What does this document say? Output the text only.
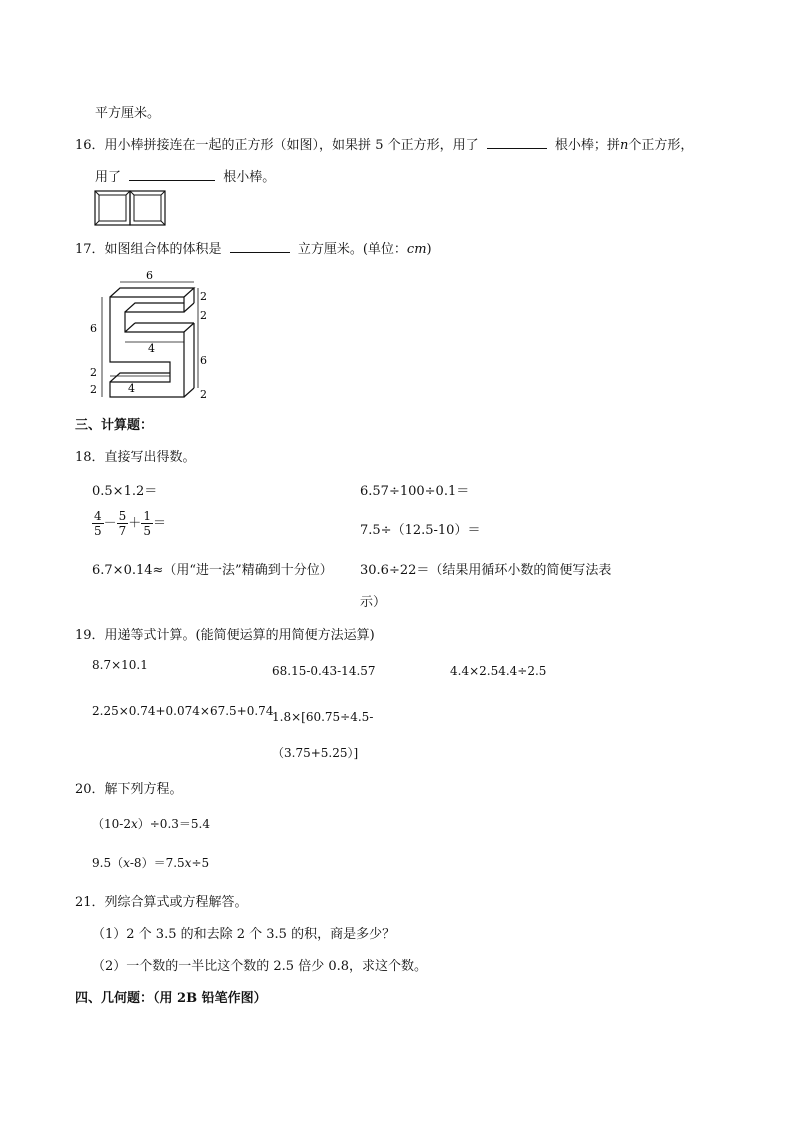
平方厘米。
16．用小棒拼接连在一起的正方形（如图），如果拼 5 个正方形，用了	根小棒；拼n个正方形，
用了	根小棒。
17．如图组合体的体积是	立方厘米。(单位：cm)
6
6
2
2
2
2
6
2
4
4
三、计算题：
18．直接写出得数。
0.5×1.2＝	6.57÷100÷0.1＝
$\frac{4}{5} - \frac{5}{7} + \frac{1}{5}$ ＝	7.5÷（12.5-10）＝
6.7×0.14≈（用“进一法”精确到十分位） 30.6÷22＝（结果用循环小数的简便写法表
示）
19．用递等式计算。(能简便运算的用简便方法运算)
8.7×10.1	68.15-0.43-14.57	4.4×2.54.4÷2.5
2.25×0.74+0.074×67.5+0.74
1.8×[60.75÷4.5-
（3.75+5.25）]
20．解下列方程。
（10-2x）÷0.3＝5.4
9.5（x-8）＝7.5x÷5
21．列综合算式或方程解答。
（1）2 个 3.5 的和去除 2 个 3.5 的积，商是多少？
（2）一个数的一半比这个数的 2.5 倍少 0.8，求这个数。
四、几何题：（用 2B 铅笔作图）
